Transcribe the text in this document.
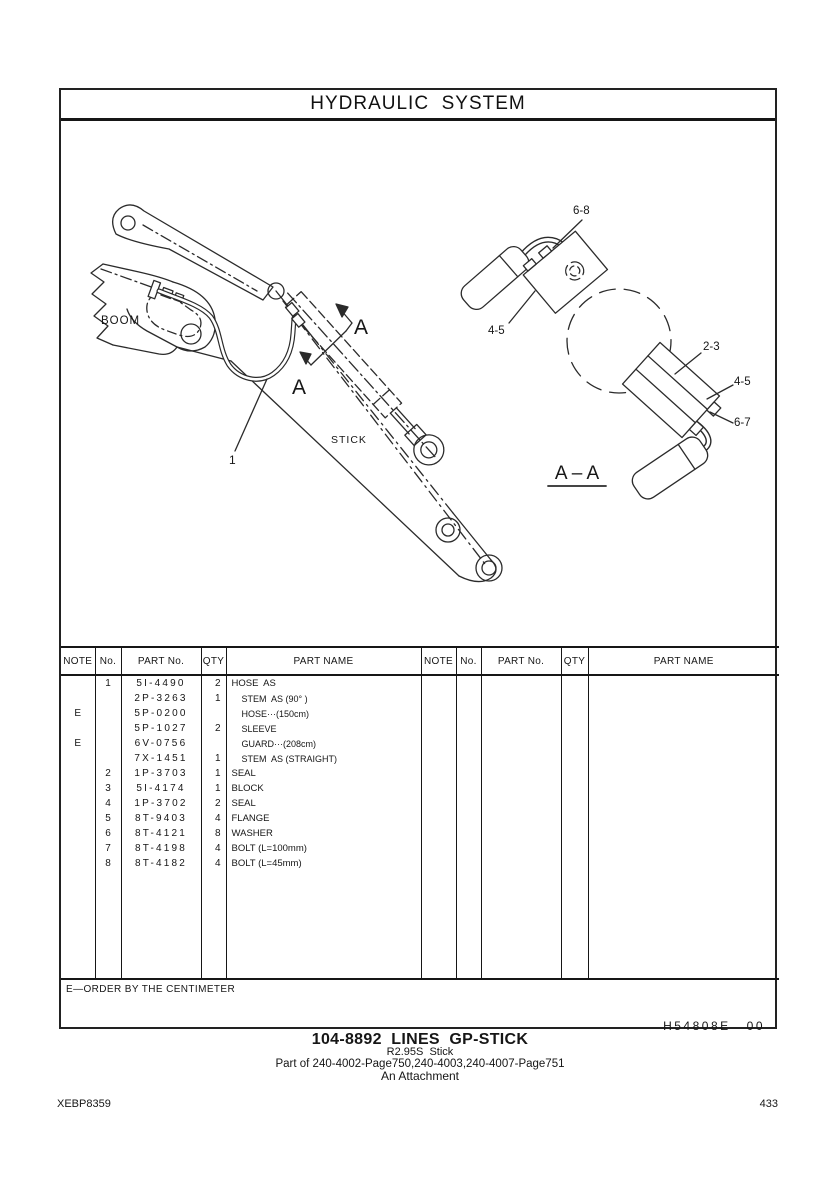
HYDRAULIC  SYSTEM
BOOM
STICK
1
A
A
6-8
4-5
2-3
4-5
6-7
A – A
NOTE	No.	PART No.	QTY	PART NAME	NOTE	No.	PART No.	QTY	PART NAME
	1	5I-4490	2	HOSE  AS					
		2P-3263	1	STEM  AS (90° )					
E		5P-0200		HOSE···(150cm)					
		5P-1027	2	SLEEVE					
E		6V-0756		GUARD···(208cm)					
		7X-1451	1	STEM  AS (STRAIGHT)					
	2	1P-3703	1	SEAL					
	3	5I-4174	1	BLOCK					
	4	1P-3702	2	SEAL					
	5	8T-9403	4	FLANGE					
	6	8T-4121	8	WASHER					
	7	8T-4198	4	BOLT (L=100mm)					
	8	8T-4182	4	BOLT (L=45mm)					

E—ORDER BY THE CENTIMETER

H54808E 00

104-8892  LINES  GP-STICK
R2.95S  Stick
Part of 240-4002-Page750,240-4003,240-4007-Page751
An Attachment
XEBP8359	433
